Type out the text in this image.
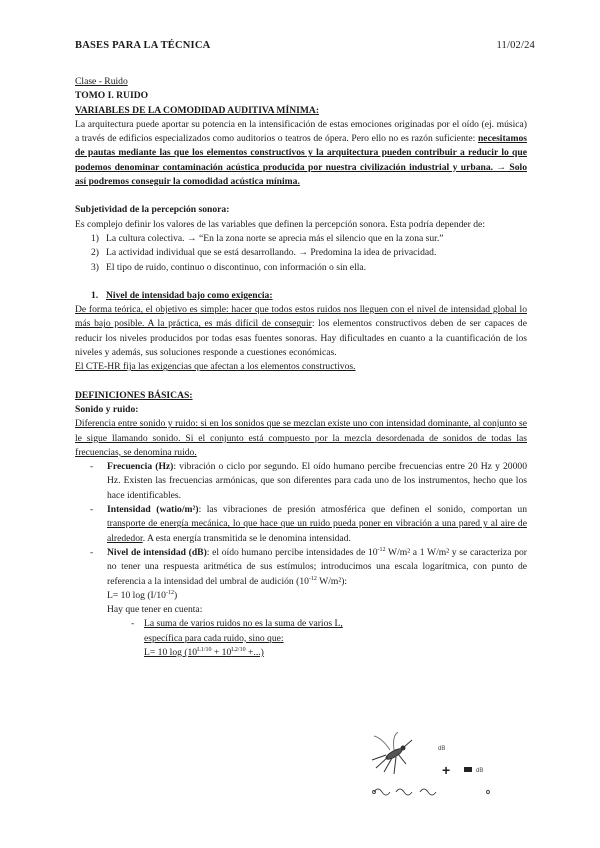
BASES PARA LA TÉCNICA	11/02/24

Clase - Ruido

TOMO I. RUIDO

VARIABLES DE LA COMODIDAD AUDITIVA MÍNIMA:

La arquitectura puede aportar su potencia en la intensificación de estas emociones originadas por el oído (ej. música) a través de edificios especializados como auditorios o teatros de ópera. Pero ello no es razón suficiente: necesitamos de pautas mediante las que los elementos constructivos y la arquitectura pueden contribuir a reducir lo que podemos denominar contaminación acústica producida por nuestra civilización industrial y urbana. → Solo así podremos conseguir la comodidad acústica mínima.

Subjetividad de la percepción sonora:

Es complejo definir los valores de las variables que definen la percepción sonora. Esta podría depender de:

1) La cultura colectiva. → “En la zona norte se aprecia más el silencio que en la zona sur.”
2) La actividad individual que se está desarrollando. → Predomina la idea de privacidad.
3) El tipo de ruido, continuo o discontinuo, con información o sin ella.
1. Nivel de intensidad bajo como exigencia:

De forma teórica, el objetivo es simple: hacer que todos estos ruidos nos lleguen con el nivel de intensidad global lo más bajo posible. A la práctica, es más difícil de conseguir: los elementos constructivos deben de ser capaces de reducir los niveles producidos por todas esas fuentes sonoras. Hay dificultades en cuanto a la cuantificación de los niveles y además, sus soluciones responde a cuestiones económicas.

El CTE-HR fija las exigencias que afectan a los elementos constructivos.

DEFINICIONES BÁSICAS:

Sonido y ruido:

Diferencia entre sonido y ruido: si en los sonidos que se mezclan existe uno con intensidad dominante, al conjunto se le sigue llamando sonido. Si el conjunto está compuesto por la mezcla desordenada de sonidos de todas las frecuencias, se denomina ruido.

- Frecuencia (Hz): vibración o ciclo por segundo. El oído humano percibe frecuencias entre 20 Hz y 20000 Hz. Existen las frecuencias armónicas, que son diferentes para cada uno de los instrumentos, hecho que los hace identificables.
- Intensidad (watio/m²): las vibraciones de presión atmosférica que definen el sonido, comportan un transporte de energía mecánica, lo que hace que un ruido pueda poner en vibración a una pared y al aire de alrededor. A esta energía transmitida se le denomina intensidad.
- Nivel de intensidad (dB): el oído humano percibe intensidades de $10^{-12}$ W/m² a 1 W/m² y se caracteriza por no tener una respuesta aritmética de sus estímulos; introducimos una escala logarítmica, con punto de referencia a la intensidad del umbral de audición ($10^{-12}$ W/m²):

L= 10 $\log (I/10^{-12})$

Hay que tener en cuenta:

- La suma de varios ruidos no es la suma de varios L,

específica para cada ruido, sino que:

L= 10 $\log (10^{L1/10} + 10^{L2/10}$ +...)

dB
+	dB
